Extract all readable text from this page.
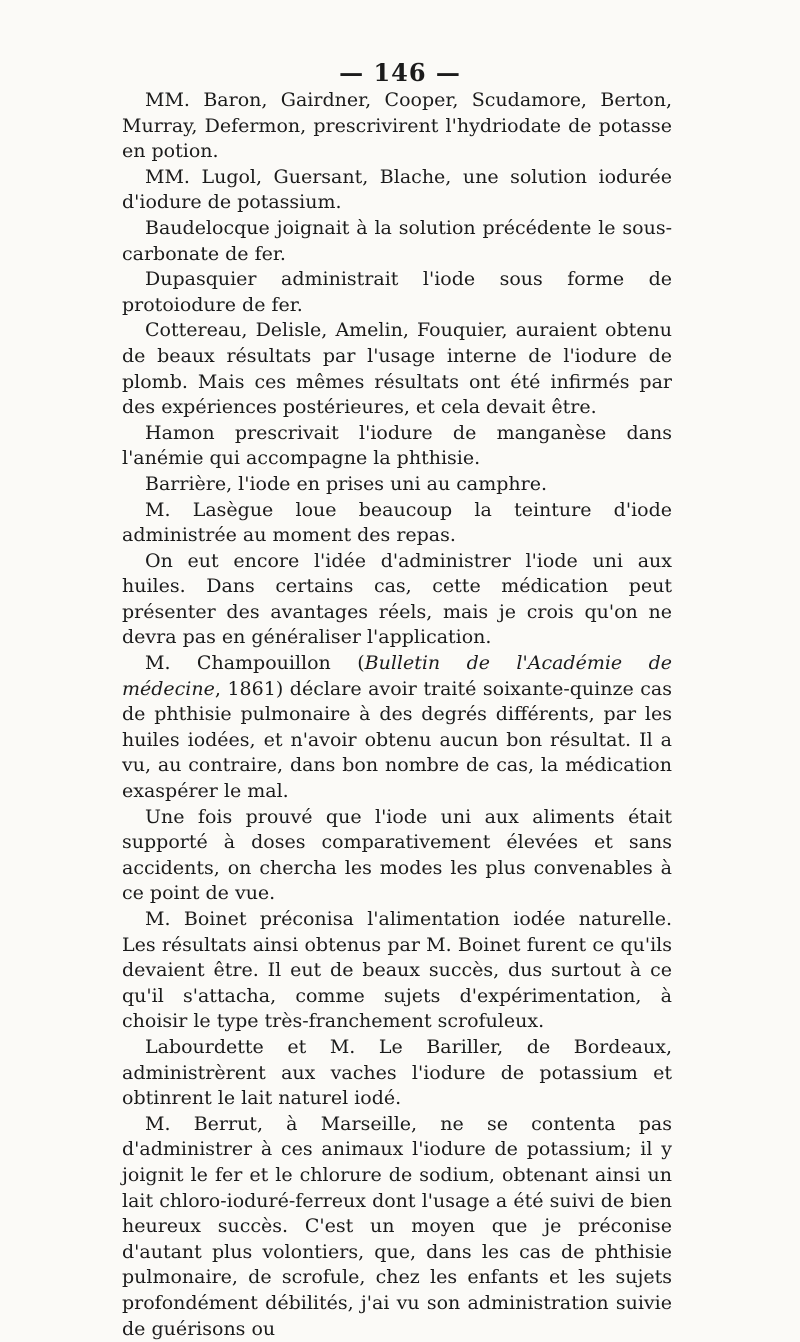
— 146 —

MM. Baron, Gairdner, Cooper, Scudamore, Berton, Murray, Defermon, prescrivirent l'hydriodate de potasse en potion.

MM. Lugol, Guersant, Blache, une solution iodurée d'iodure de potassium.

Baudelocque joignait à la solution précédente le sous-carbonate de fer.

Dupasquier administrait l'iode sous forme de protoiodure de fer.

Cottereau, Delisle, Amelin, Fouquier, auraient obtenu de beaux résultats par l'usage interne de l'iodure de plomb. Mais ces mêmes résultats ont été infirmés par des expériences postérieures, et cela devait être.

Hamon prescrivait l'iodure de manganèse dans l'anémie qui accompagne la phthisie.

Barrière, l'iode en prises uni au camphre.

M. Lasègue loue beaucoup la teinture d'iode administrée au moment des repas.

On eut encore l'idée d'administrer l'iode uni aux huiles. Dans certains cas, cette médication peut présenter des avantages réels, mais je crois qu'on ne devra pas en généraliser l'application.

M. Champouillon (Bulletin de l'Académie de médecine, 1861) déclare avoir traité soixante-quinze cas de phthisie pulmonaire à des degrés différents, par les huiles iodées, et n'avoir obtenu aucun bon résultat. Il a vu, au contraire, dans bon nombre de cas, la médication exaspérer le mal.

Une fois prouvé que l'iode uni aux aliments était supporté à doses comparativement élevées et sans accidents, on chercha les modes les plus convenables à ce point de vue.

M. Boinet préconisa l'alimentation iodée naturelle. Les résultats ainsi obtenus par M. Boinet furent ce qu'ils devaient être. Il eut de beaux succès, dus surtout à ce qu'il s'attacha, comme sujets d'expérimentation, à choisir le type très-franchement scrofuleux.

Labourdette et M. Le Bariller, de Bordeaux, administrèrent aux vaches l'iodure de potassium et obtinrent le lait naturel iodé.

M. Berrut, à Marseille, ne se contenta pas d'administrer à ces animaux l'iodure de potassium; il y joignit le fer et le chlorure de sodium, obtenant ainsi un lait chloro-ioduré-ferreux dont l'usage a été suivi de bien heureux succès. C'est un moyen que je préconise d'autant plus volontiers, que, dans les cas de phthisie pulmonaire, de scrofule, chez les enfants et les sujets profondément débilités, j'ai vu son administration suivie de guérisons ou
